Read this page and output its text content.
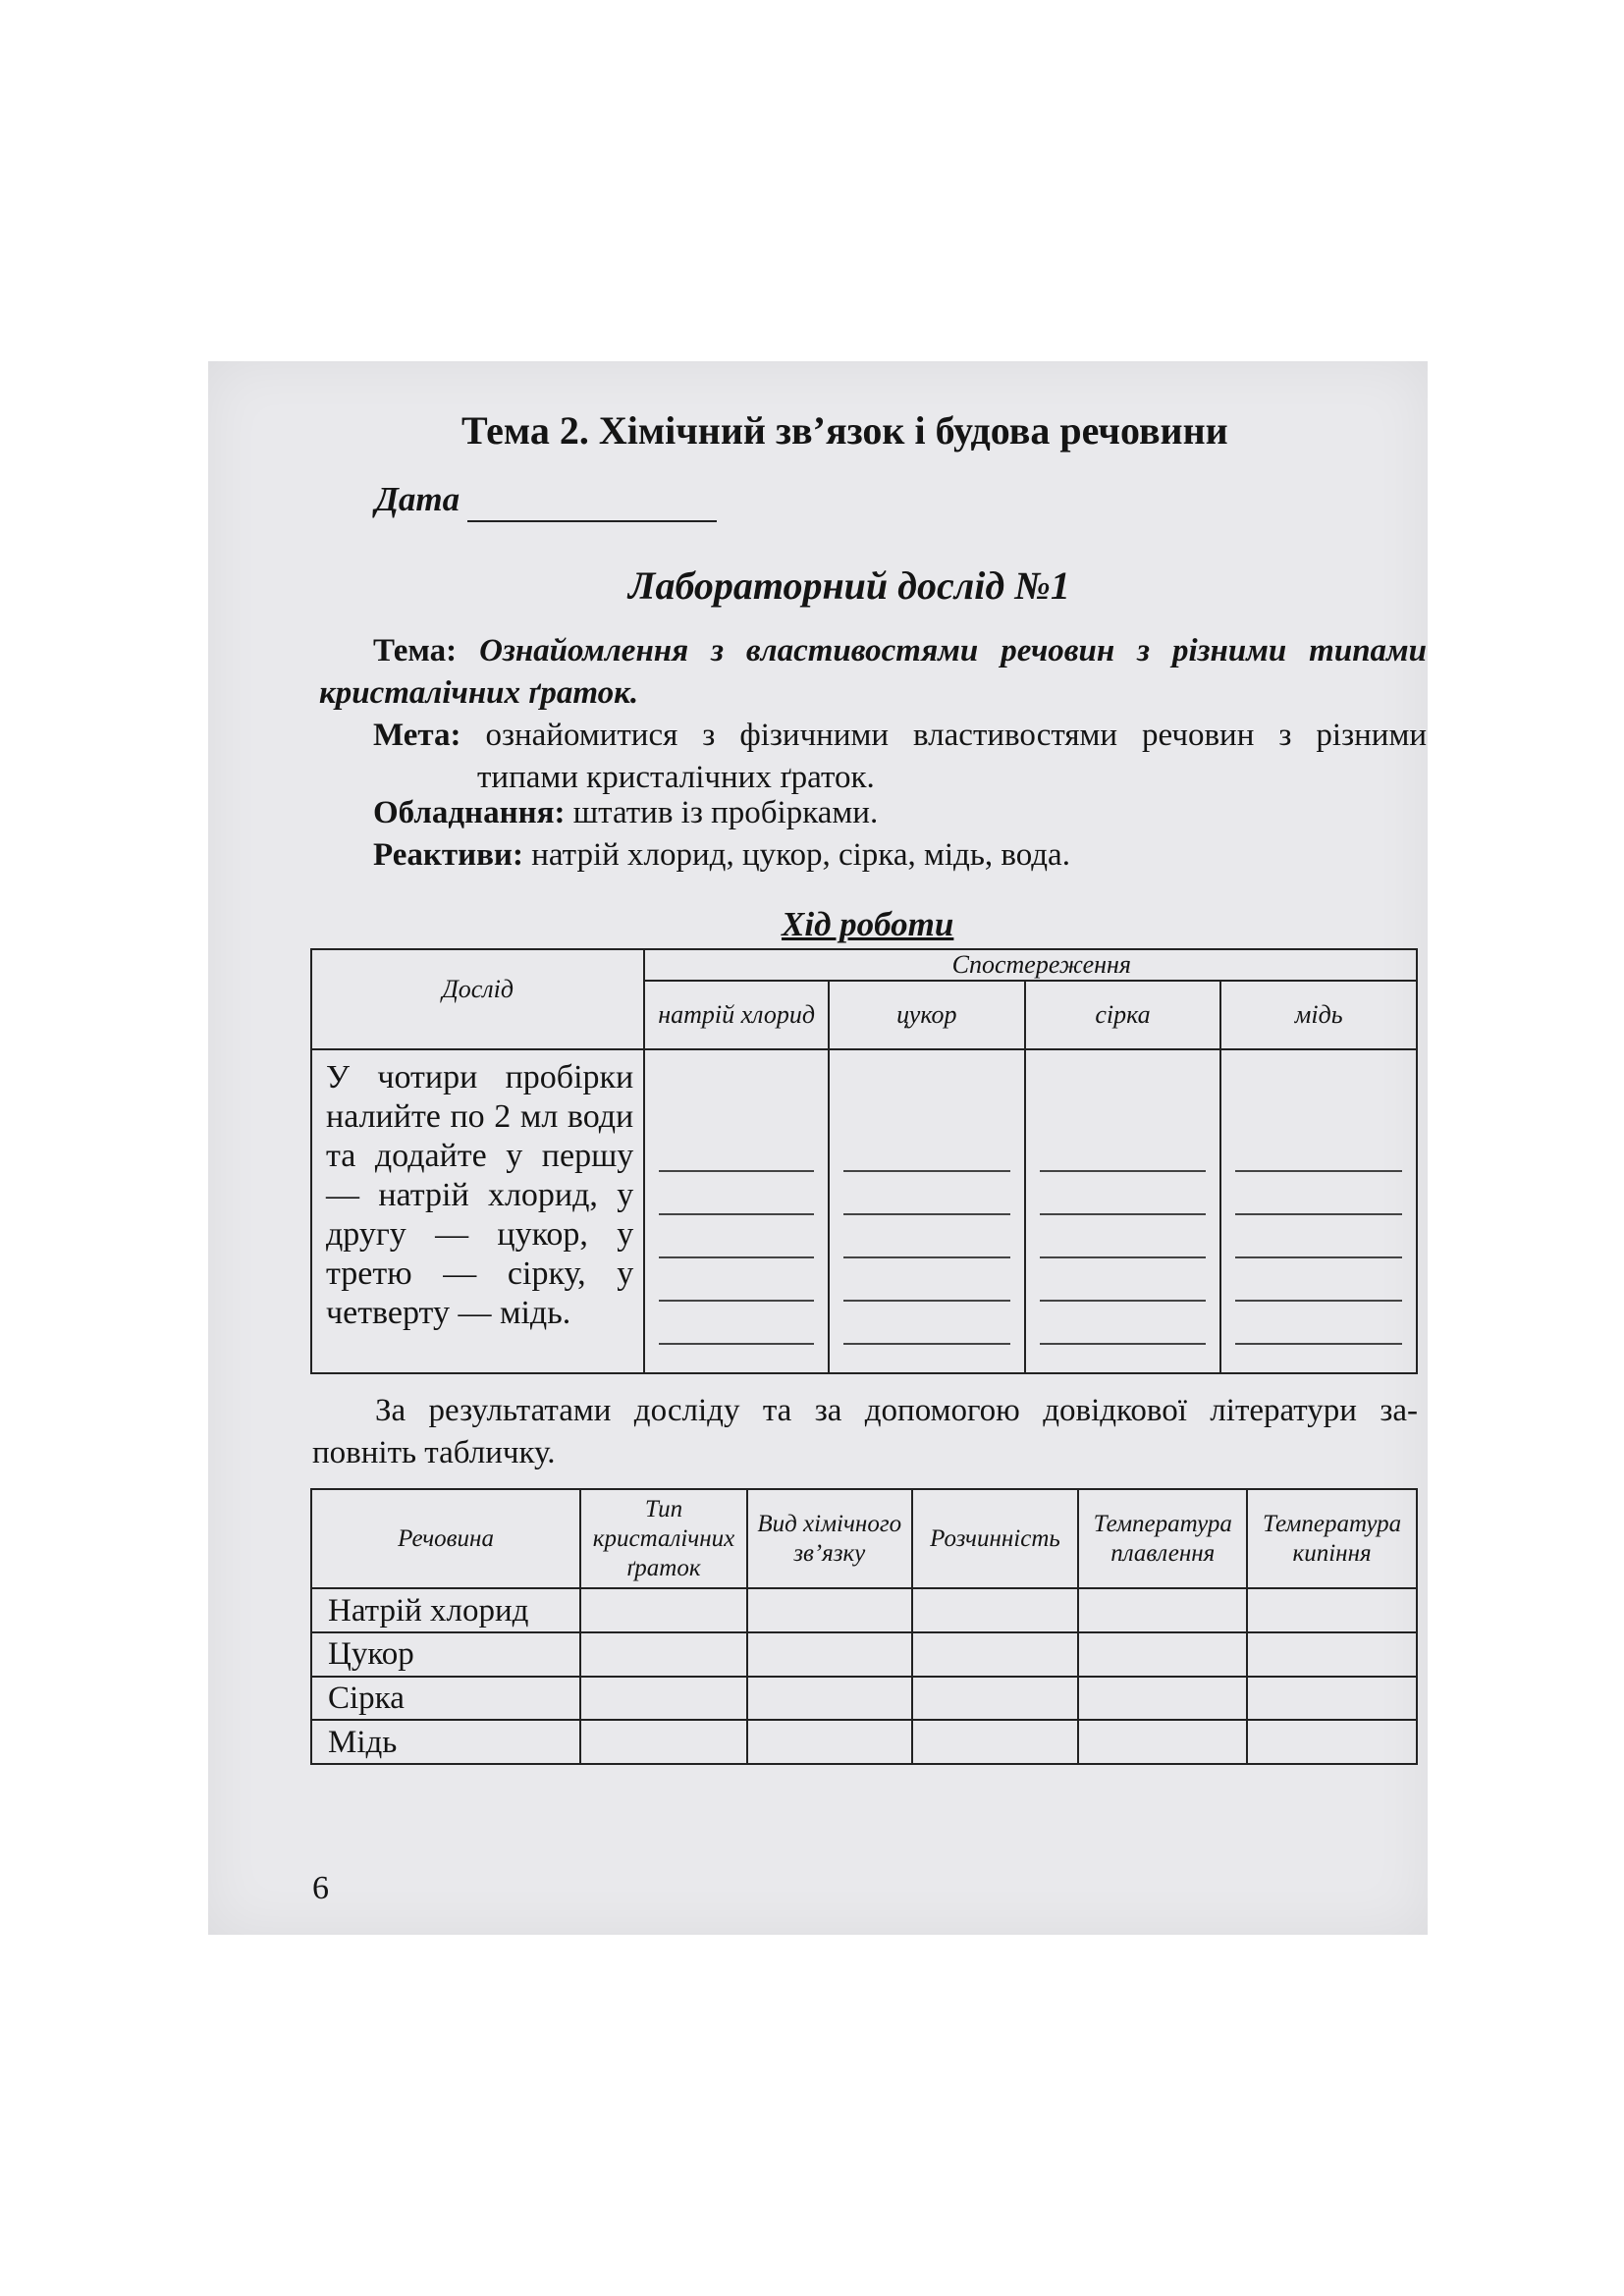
Тема 2. Хімічний зв’язок і будова речовини
Дата
Лабораторний дослід №1
Тема: Ознайомлення з властивостями речовин з різними типами
кристалічних ґраток.
Мета: ознайомитися з фізичними властивостями речовин з різними
типами кристалічних ґраток.
Обладнання: штатив із пробірками.
Реактиви: натрій хлорид, цукор, сірка, мідь, вода.
Хід роботи
Дослід	Спостереження			
	натрій хлорид	цукор	сірка	мідь
У чотири пробірки налийте по 2 мл води та додайте у першу — натрій хлорид, у другу — цукор, у третю — сірку, у четверту — мідь.	

За результатами досліду та за допомогою довідкової літератури за-
повніть табличку.
Речовина	Тип кристалічних ґраток	Вид хімічного зв’язку	Розчинність	Температура плавлення	Температура кипіння
Натрій хлорид					
Цукор					
Сірка					
Мідь					
6
